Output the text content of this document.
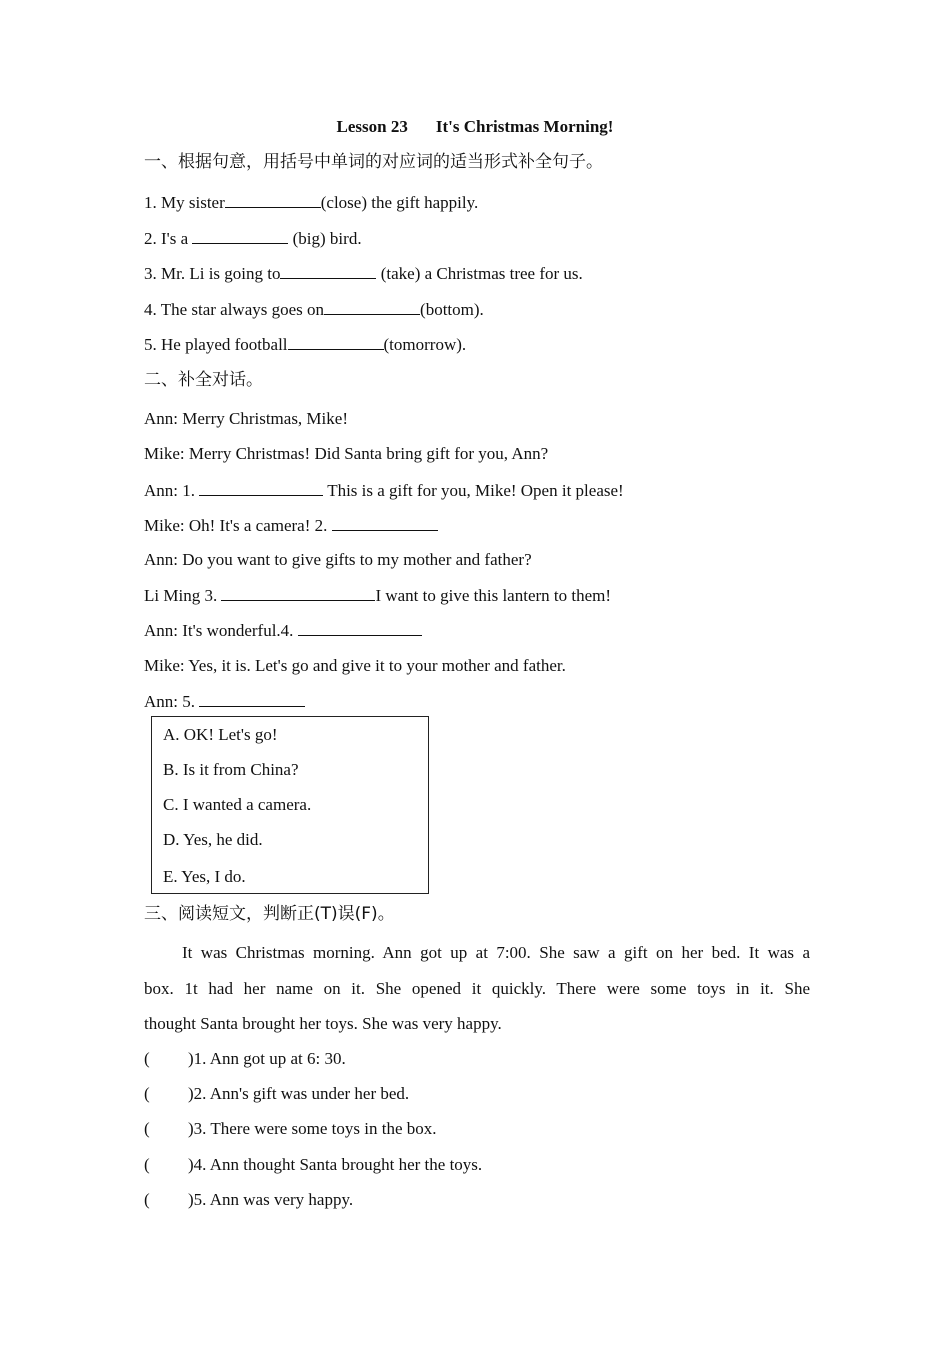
Lesson 23 It's Christmas Morning!
一、根据句意，用括号中单词的对应词的适当形式补全句子。
1. My sister	(close) the gift happily.
2. I's a	(big) bird.
3. Mr. Li is going to	(take) a Christmas tree for us.
4. The star always goes on	(bottom).
5. He played football	(tomorrow).
二、补全对话。
Ann: Merry Christmas, Mike!
Mike: Merry Christmas! Did Santa bring gift for you, Ann?
Ann: 1.	This is a gift for you, Mike! Open it please!
Mike: Oh! It's a camera! 2.
Ann: Do you want to give gifts to my mother and father?
Li Ming 3.	I want to give this lantern to them!
Ann: It's wonderful.4.
Mike: Yes, it is. Let's go and give it to your mother and father.
Ann: 5.
A. OK! Let's go!
B. Is it from China?
C. I wanted a camera.
D. Yes, he did.
E. Yes, I do.
三、阅读短文，判断正(T)误(F)。
It was Christmas morning. Ann got up at 7:00. She saw a gift on her bed. It was a
box. 1t had her name on it. She opened it quickly. There were some toys in it. She
thought Santa brought her toys. She was very happy.
( )1. Ann got up at 6: 30.
( )2. Ann's gift was under her bed.
( )3. There were some toys in the box.
( )4. Ann thought Santa brought her the toys.
( )5. Ann was very happy.
